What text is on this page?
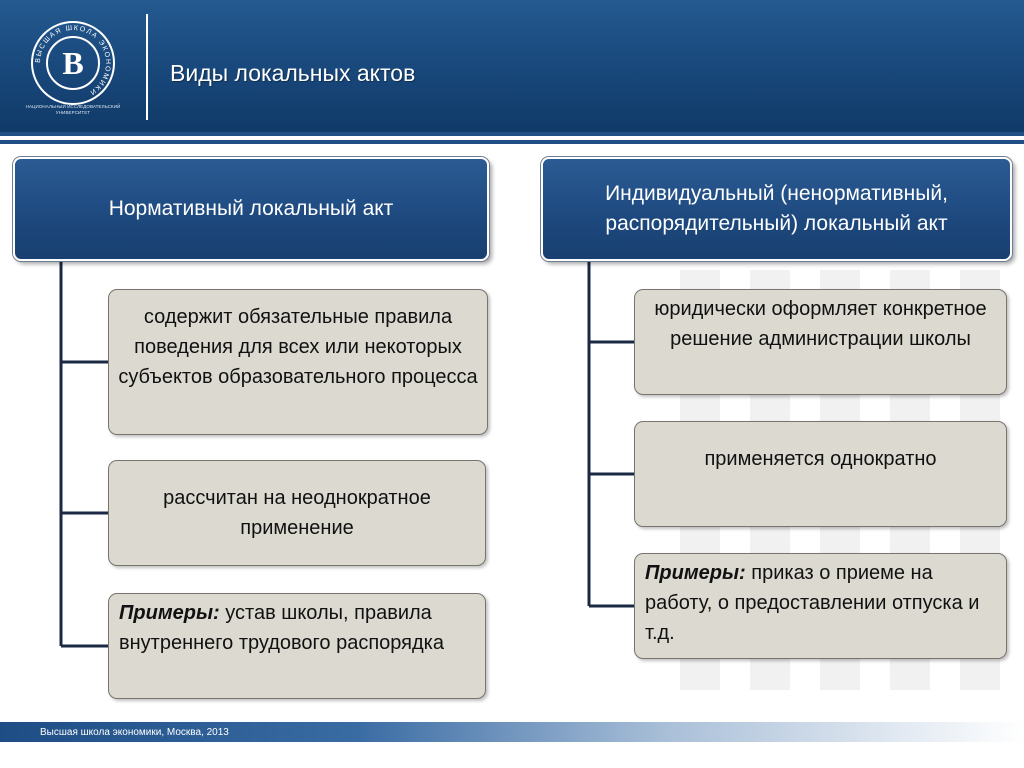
ВЫСШАЯ ШКОЛА ЭКОНОМИКИ
В
НАЦИОНАЛЬНЫЙ ИССЛЕДОВАТЕЛЬСКИЙ УНИВЕРСИТЕТ
Виды локальных актов
Нормативный локальный акт
содержит обязательные правила поведения для всех или некоторых субъектов образовательного процесса
рассчитан на неоднократное применение
Примеры: устав школы, правила внутреннего трудового распорядка
Индивидуальный (ненормативный, распорядительный) локальный акт
юридически оформляет конкретное решение администрации школы
применяется однократно
Примеры: приказ о приеме на работу, о предоставлении отпуска и т.д.
Высшая школа экономики, Москва, 2013
